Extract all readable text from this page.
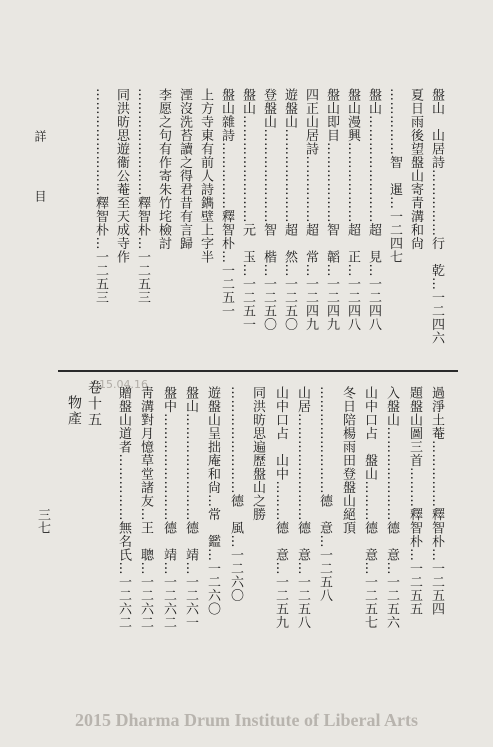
詳　目
三七
盤山　山居詩……………行　乾…一二四六
夏日雨後望盤山寄青溝和尙
……………智　暹…一二四七
盤山……………………超　見…一二四八
盤山漫興………………超　正…一二四八
盤山即目………………智　韜…一二四九
四正山居詩……………超　常…一二四九
遊盤山…………………超　然…一二五〇
登盤山…………………智　楷…一二五〇
盤山……………………元　玉…一二五一
盤山雜詩……………釋智朴…一二五一
上方寺東有前人詩鐫壁上字半
湮沒洗苔讀之得君昔有言歸
李愿之句有作寄朱竹垞檢討
……………………釋智朴…一二五三
同洪昉思遊衞公菴至天成寺作
……………………釋智朴…一二五三
015.04.16
卷十五
物產	過淨土菴……………釋智朴…一二五四
題盤山圖三首………釋智朴…一二五五
入盤山…………………德　意…一二五六
山中口占　盤山………德　意…一二五七
冬日陪楊雨田登盤山絕頂
……………………德　意…一二五八
山居……………………德　意…一二五八
山中口占　山中………德　意…一二五九
同洪昉思遍歷盤山之勝
……………………德　風…一二六〇
遊盤山呈拙庵和尙…常　鑑…一二六〇
盤山……………………德　靖…一二六一
盤中……………………德　靖…一二六二
靑溝對月憶草堂諸友…王　聰…一二六二
贈盤山道者……………無名氏…一二六二
2015 Dharma Drum Institute of Liberal Arts
